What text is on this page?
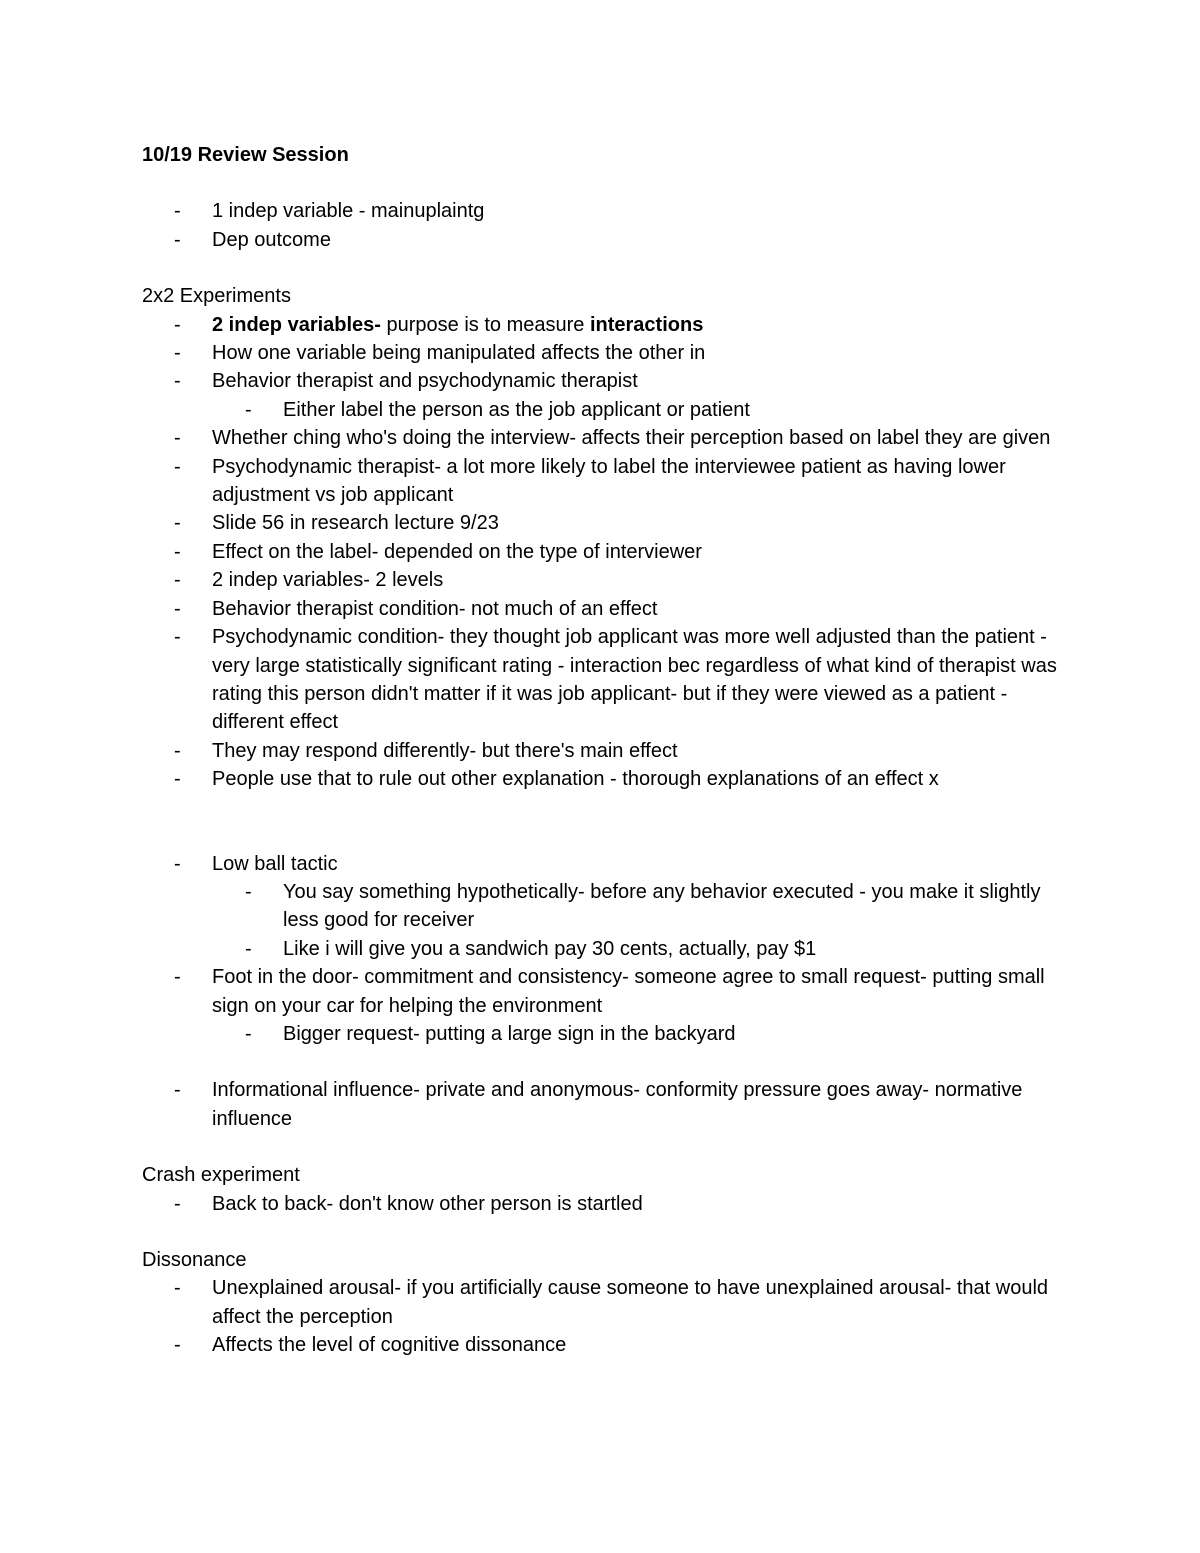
10/19 Review Session
- 1 indep variable - mainuplaintg
- Dep outcome
2x2 Experiments
- 2 indep variables- purpose is to measure interactions
- How one variable being manipulated affects the other in
- Behavior therapist and psychodynamic therapist
- Either label the person as the job applicant or patient
- Whether ching who's doing the interview- affects their perception based on label they are given
- Psychodynamic therapist- a lot more likely to label the interviewee patient as having lower adjustment vs job applicant
- Slide 56 in research lecture 9/23
- Effect on the label- depended on the type of interviewer
- 2 indep variables- 2 levels
- Behavior therapist condition- not much of an effect
- Psychodynamic condition- they thought job applicant was more well adjusted than the patient - very large statistically significant rating - interaction bec regardless of what kind of therapist was rating this person didn't matter if it was job applicant- but if they were viewed as a patient - different effect
- They may respond differently- but there's main effect
- People use that to rule out other explanation - thorough explanations of an effect x
- Low ball tactic
- You say something hypothetically- before any behavior executed - you make it slightly less good for receiver
- Like i will give you a sandwich pay 30 cents, actually, pay $1
- Foot in the door- commitment and consistency- someone agree to small request- putting small sign on your car for helping the environment
- Bigger request- putting a large sign in the backyard
- Informational influence- private and anonymous- conformity pressure goes away- normative influence
Crash experiment
- Back to back- don't know other person is startled
Dissonance
- Unexplained arousal- if you artificially cause someone to have unexplained arousal- that would affect the perception
- Affects the level of cognitive dissonance
